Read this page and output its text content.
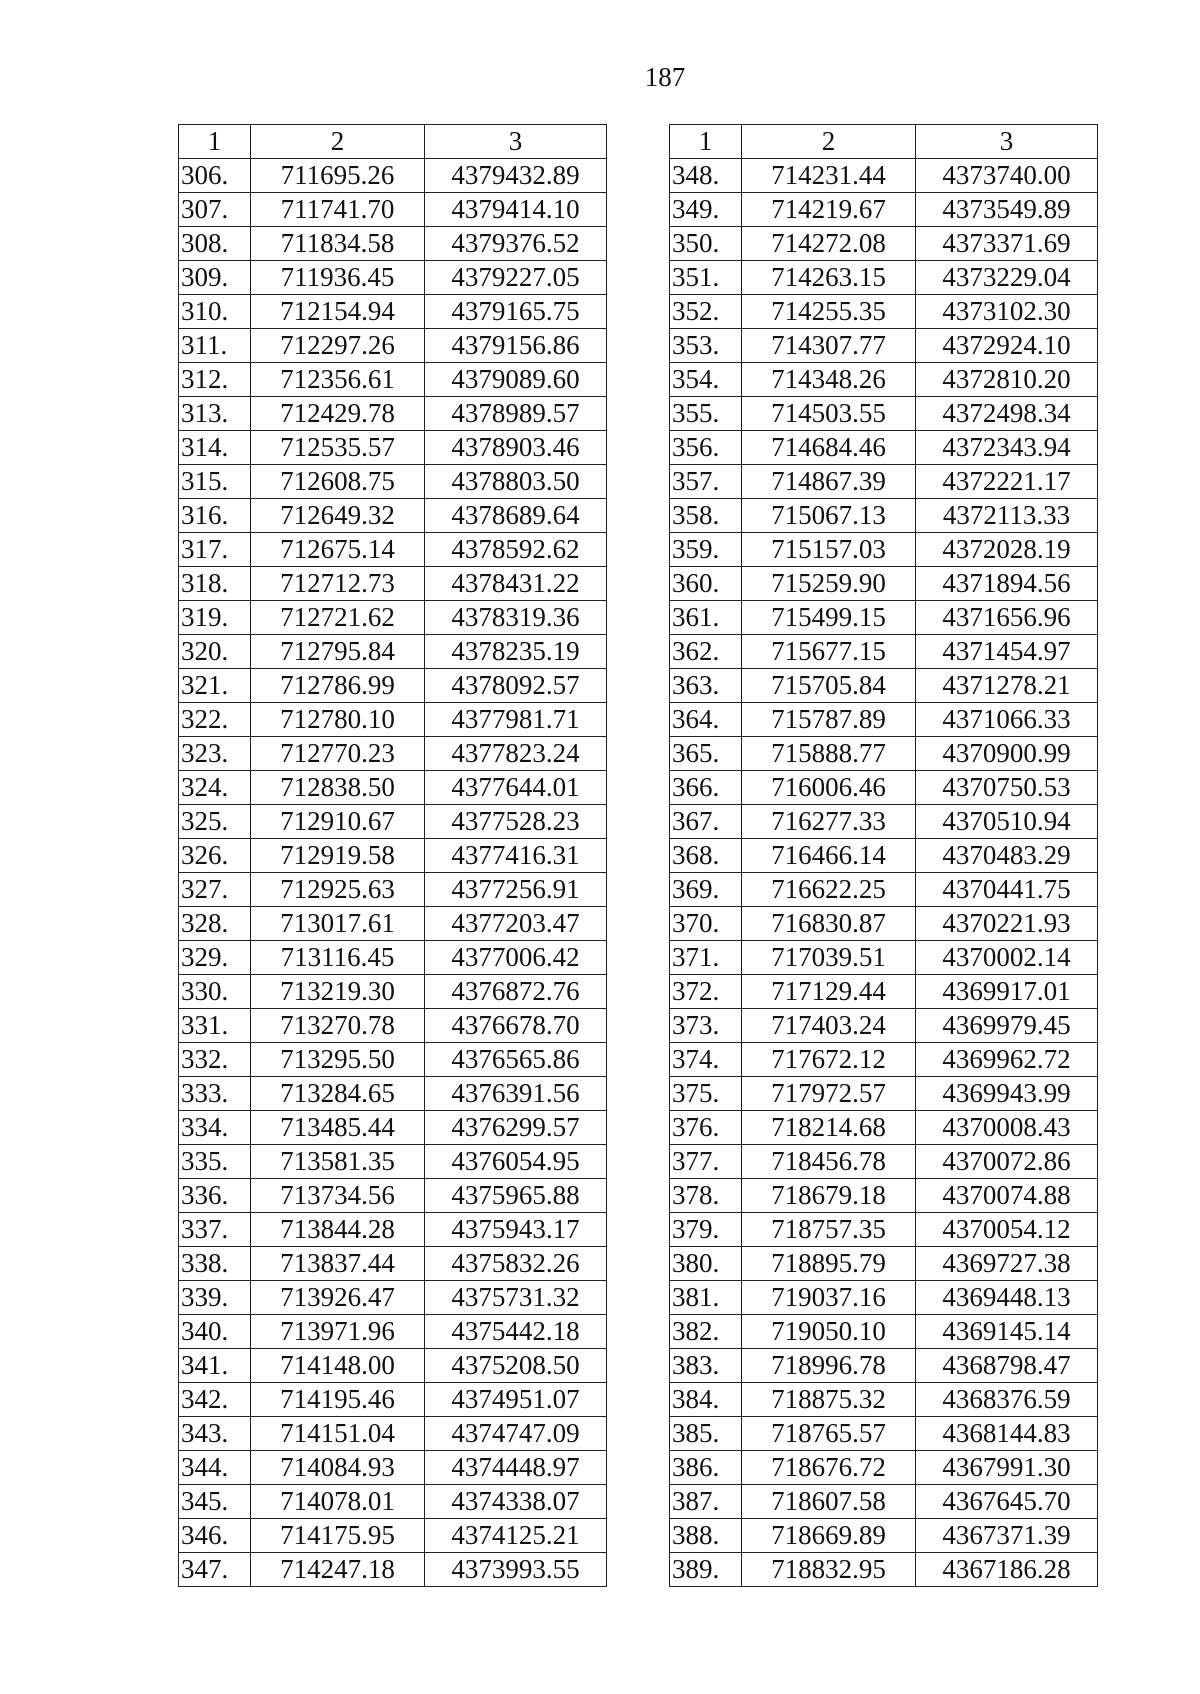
187
1	2	3
306.	711695.26	4379432.89
307.	711741.70	4379414.10
308.	711834.58	4379376.52
309.	711936.45	4379227.05
310.	712154.94	4379165.75
311.	712297.26	4379156.86
312.	712356.61	4379089.60
313.	712429.78	4378989.57
314.	712535.57	4378903.46
315.	712608.75	4378803.50
316.	712649.32	4378689.64
317.	712675.14	4378592.62
318.	712712.73	4378431.22
319.	712721.62	4378319.36
320.	712795.84	4378235.19
321.	712786.99	4378092.57
322.	712780.10	4377981.71
323.	712770.23	4377823.24
324.	712838.50	4377644.01
325.	712910.67	4377528.23
326.	712919.58	4377416.31
327.	712925.63	4377256.91
328.	713017.61	4377203.47
329.	713116.45	4377006.42
330.	713219.30	4376872.76
331.	713270.78	4376678.70
332.	713295.50	4376565.86
333.	713284.65	4376391.56
334.	713485.44	4376299.57
335.	713581.35	4376054.95
336.	713734.56	4375965.88
337.	713844.28	4375943.17
338.	713837.44	4375832.26
339.	713926.47	4375731.32
340.	713971.96	4375442.18
341.	714148.00	4375208.50
342.	714195.46	4374951.07
343.	714151.04	4374747.09
344.	714084.93	4374448.97
345.	714078.01	4374338.07
346.	714175.95	4374125.21
347.	714247.18	4373993.55
1	2	3
348.	714231.44	4373740.00
349.	714219.67	4373549.89
350.	714272.08	4373371.69
351.	714263.15	4373229.04
352.	714255.35	4373102.30
353.	714307.77	4372924.10
354.	714348.26	4372810.20
355.	714503.55	4372498.34
356.	714684.46	4372343.94
357.	714867.39	4372221.17
358.	715067.13	4372113.33
359.	715157.03	4372028.19
360.	715259.90	4371894.56
361.	715499.15	4371656.96
362.	715677.15	4371454.97
363.	715705.84	4371278.21
364.	715787.89	4371066.33
365.	715888.77	4370900.99
366.	716006.46	4370750.53
367.	716277.33	4370510.94
368.	716466.14	4370483.29
369.	716622.25	4370441.75
370.	716830.87	4370221.93
371.	717039.51	4370002.14
372.	717129.44	4369917.01
373.	717403.24	4369979.45
374.	717672.12	4369962.72
375.	717972.57	4369943.99
376.	718214.68	4370008.43
377.	718456.78	4370072.86
378.	718679.18	4370074.88
379.	718757.35	4370054.12
380.	718895.79	4369727.38
381.	719037.16	4369448.13
382.	719050.10	4369145.14
383.	718996.78	4368798.47
384.	718875.32	4368376.59
385.	718765.57	4368144.83
386.	718676.72	4367991.30
387.	718607.58	4367645.70
388.	718669.89	4367371.39
389.	718832.95	4367186.28
